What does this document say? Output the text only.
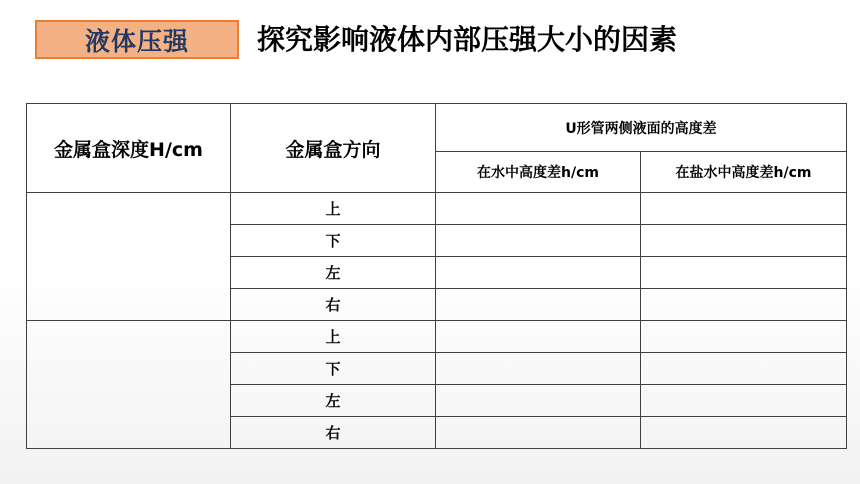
液体压强 探究影响液体内部压强大小的因素
金属盒深度H/cm	金属盒方向	U形管两侧液面的高度差	
		在水中高度差h/cm	在盐水中高度差h/cm
	上		
	下		
	左		
	右		
	上		
	下		
	左		
	右		
